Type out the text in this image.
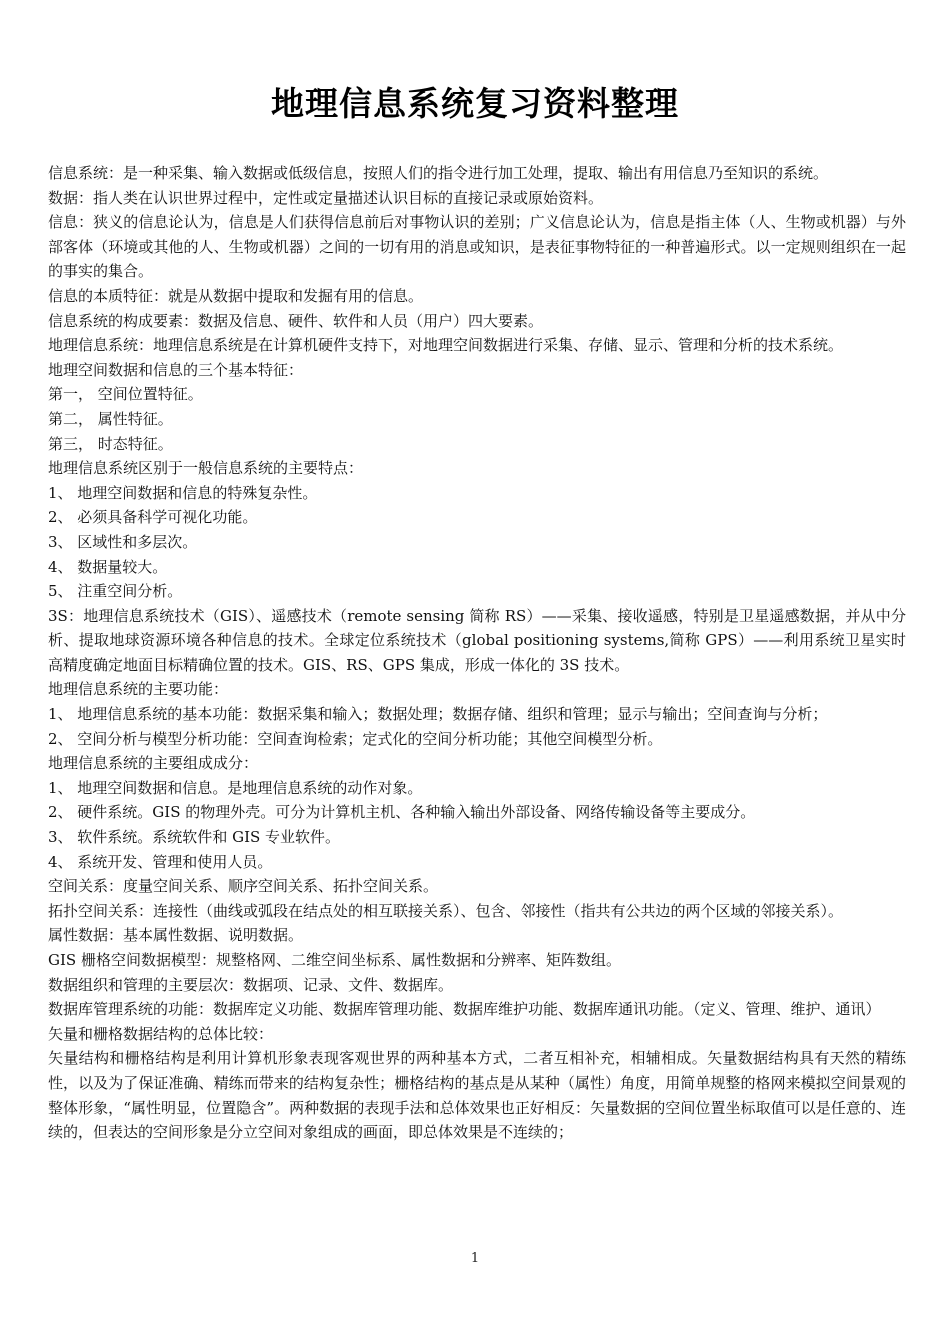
地理信息系统复习资料整理

信息系统：是一种采集、输入数据或低级信息，按照人们的指令进行加工处理，提取、输出有用信息乃至知识的系统。

数据：指人类在认识世界过程中，定性或定量描述认识目标的直接记录或原始资料。

信息：狭义的信息论认为，信息是人们获得信息前后对事物认识的差别；广义信息论认为，信息是指主体（人、生物或机器）与外部客体（环境或其他的人、生物或机器）之间的一切有用的消息或知识，是表征事物特征的一种普遍形式。以一定规则组织在一起的事实的集合。

信息的本质特征：就是从数据中提取和发掘有用的信息。

信息系统的构成要素：数据及信息、硬件、软件和人员（用户）四大要素。

地理信息系统：地理信息系统是在计算机硬件支持下，对地理空间数据进行采集、存储、显示、管理和分析的技术系统。

地理空间数据和信息的三个基本特征：

第一， 空间位置特征。

第二， 属性特征。

第三， 时态特征。

地理信息系统区别于一般信息系统的主要特点：

1、 地理空间数据和信息的特殊复杂性。

2、 必须具备科学可视化功能。

3、 区域性和多层次。

4、 数据量较大。

5、 注重空间分析。

3S：地理信息系统技术（GIS）、遥感技术（remote sensing 简称 RS）——采集、接收遥感，特别是卫星遥感数据，并从中分析、提取地球资源环境各种信息的技术。全球定位系统技术（global positioning systems,简称 GPS）——利用系统卫星实时高精度确定地面目标精确位置的技术。GIS、RS、GPS 集成，形成一体化的 3S 技术。

地理信息系统的主要功能：

1、 地理信息系统的基本功能：数据采集和输入；数据处理；数据存储、组织和管理；显示与输出；空间查询与分析；

2、 空间分析与模型分析功能：空间查询检索；定式化的空间分析功能；其他空间模型分析。

地理信息系统的主要组成成分：

1、 地理空间数据和信息。是地理信息系统的动作对象。

2、 硬件系统。GIS 的物理外壳。可分为计算机主机、各种输入输出外部设备、网络传输设备等主要成分。

3、 软件系统。系统软件和 GIS 专业软件。

4、 系统开发、管理和使用人员。

空间关系：度量空间关系、顺序空间关系、拓扑空间关系。

拓扑空间关系：连接性（曲线或弧段在结点处的相互联接关系）、包含、邻接性（指共有公共边的两个区域的邻接关系）。

属性数据：基本属性数据、说明数据。

GIS 栅格空间数据模型：规整格网、二维空间坐标系、属性数据和分辨率、矩阵数组。

数据组织和管理的主要层次：数据项、记录、文件、数据库。

数据库管理系统的功能：数据库定义功能、数据库管理功能、数据库维护功能、数据库通讯功能。（定义、管理、维护、通讯）

矢量和栅格数据结构的总体比较：

矢量结构和栅格结构是利用计算机形象表现客观世界的两种基本方式，二者互相补充，相辅相成。矢量数据结构具有天然的精练性，以及为了保证准确、精练而带来的结构复杂性；栅格结构的基点是从某种（属性）角度，用简单规整的格网来模拟空间景观的整体形象，“属性明显，位置隐含”。两种数据的表现手法和总体效果也正好相反：矢量数据的空间位置坐标取值可以是任意的、连续的，但表达的空间形象是分立空间对象组成的画面，即总体效果是不连续的；

1
